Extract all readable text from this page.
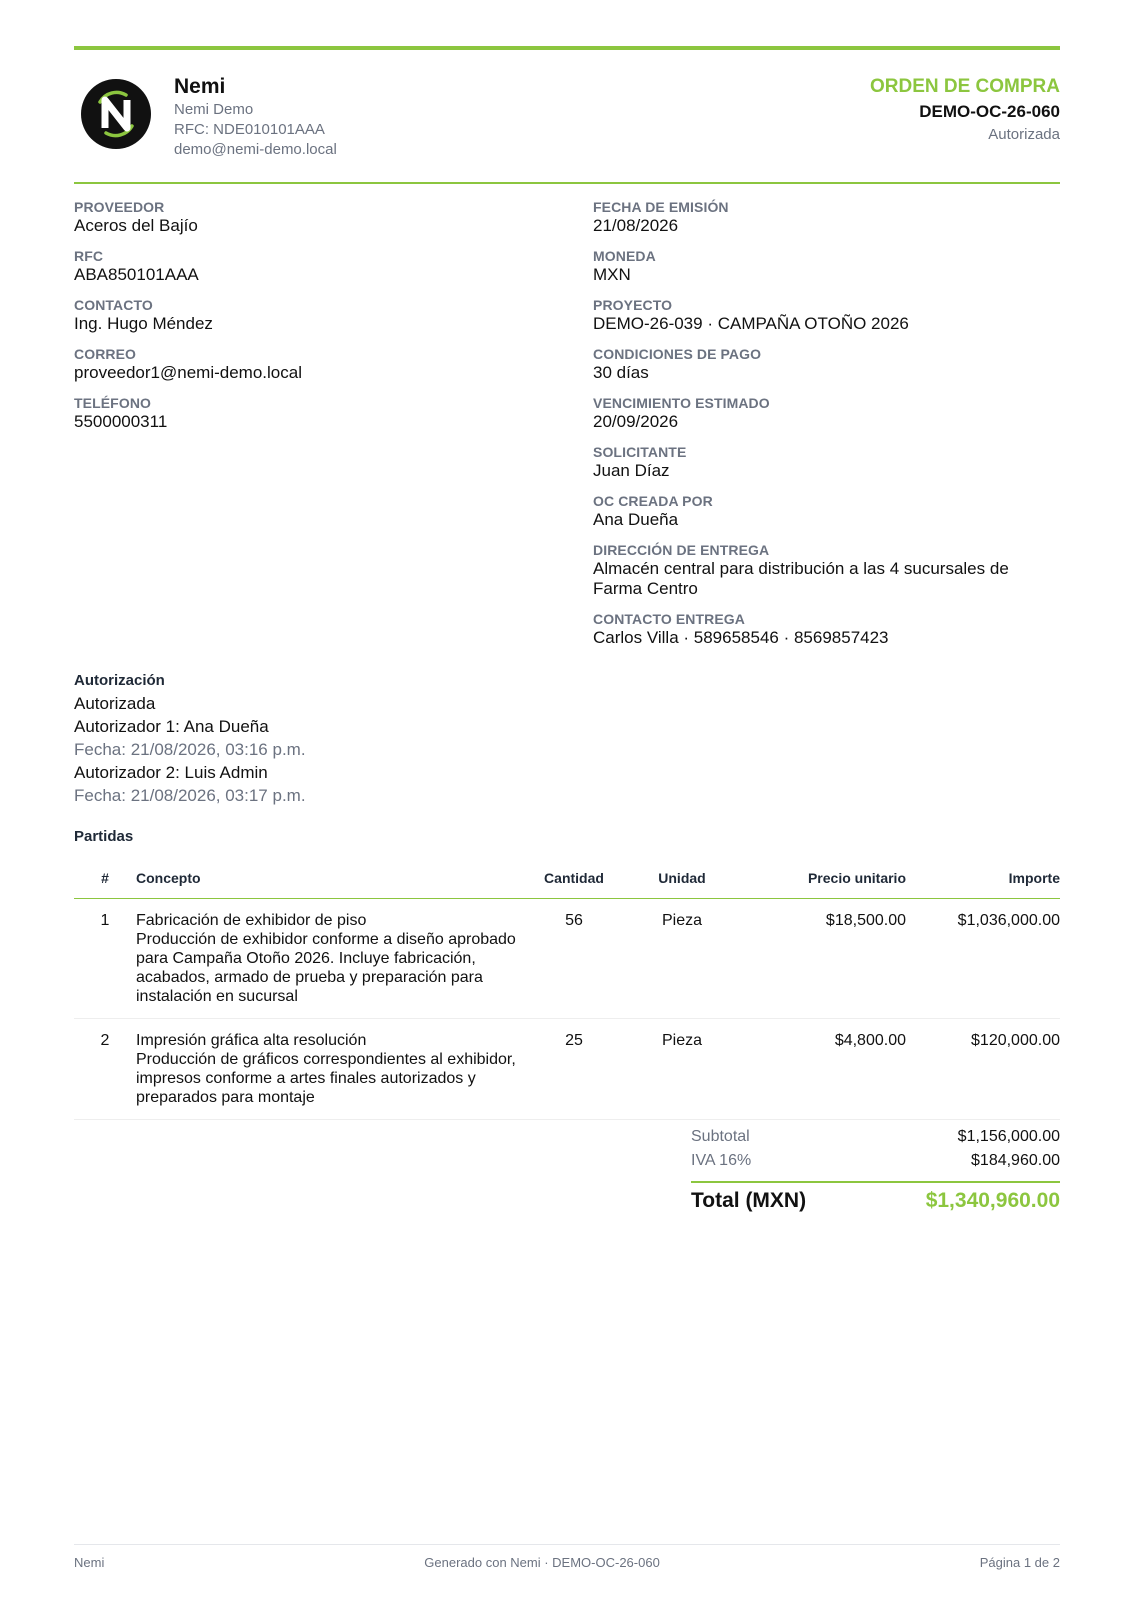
Nemi
Nemi Demo
RFC: NDE010101AAA
demo@nemi-demo.local
ORDEN DE COMPRA
DEMO-OC-26-060
Autorizada
PROVEEDOR
Aceros del Bajío
RFC
ABA850101AAA
CONTACTO
Ing. Hugo Méndez
CORREO
proveedor1@nemi-demo.local
TELÉFONO
5500000311
FECHA DE EMISIÓN
21/08/2026
MONEDA
MXN
PROYECTO
DEMO-26-039 · CAMPAÑA OTOÑO 2026
CONDICIONES DE PAGO
30 días
VENCIMIENTO ESTIMADO
20/09/2026
SOLICITANTE
Juan Díaz
OC CREADA POR
Ana Dueña
DIRECCIÓN DE ENTREGA
Almacén central para distribución a las 4 sucursales de Farma Centro
CONTACTO ENTREGA
Carlos Villa · 589658546 · 8569857423
Autorización
Autorizada
Autorizador 1: Ana Dueña
Fecha: 21/08/2026, 03:16 p.m.
Autorizador 2: Luis Admin
Fecha: 21/08/2026, 03:17 p.m.
Partidas
#	Concepto	Cantidad	Unidad	Precio unitario	Importe
1	Fabricación de exhibidor de piso
Producción de exhibidor conforme a diseño aprobado para Campaña Otoño 2026. Incluye fabricación, acabados, armado de prueba y preparación para instalación en sucursal	56	Pieza	$18,500.00	$1,036,000.00
2	Impresión gráfica alta resolución
Producción de gráficos correspondientes al exhibidor, impresos conforme a artes finales autorizados y preparados para montaje	25	Pieza	$4,800.00	$120,000.00
Subtotal	$1,156,000.00
IVA 16%	$184,960.00
Total (MXN)	$1,340,960.00
Nemi	Generado con Nemi · DEMO-OC-26-060	Página 1 de 2
